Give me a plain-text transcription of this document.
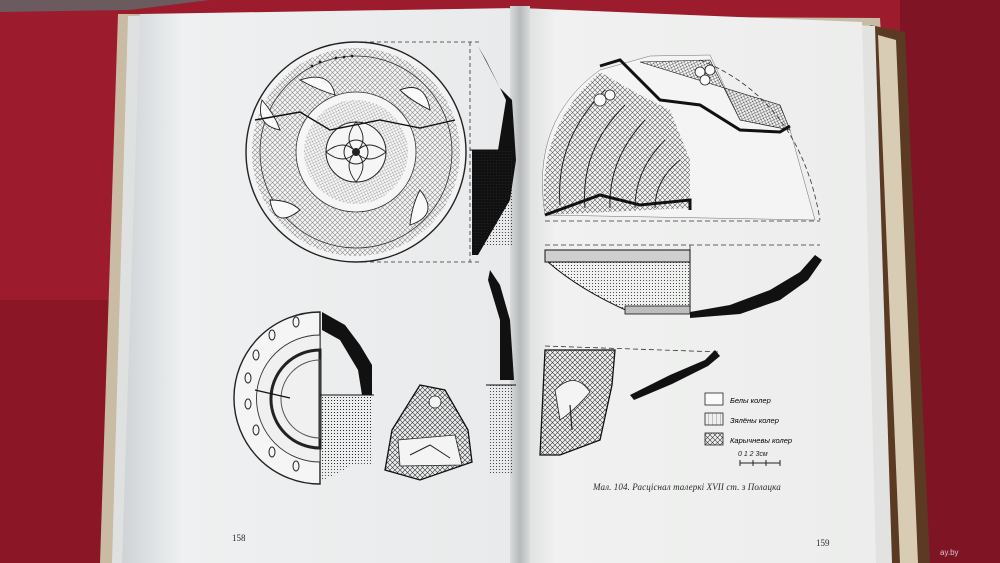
Белы колер
Зялёны колер
Карычневы колер
0 1 2 3см
Мал. 104. Расціснал талеркі XVII ст. з Полацка
158	159
ay.by
